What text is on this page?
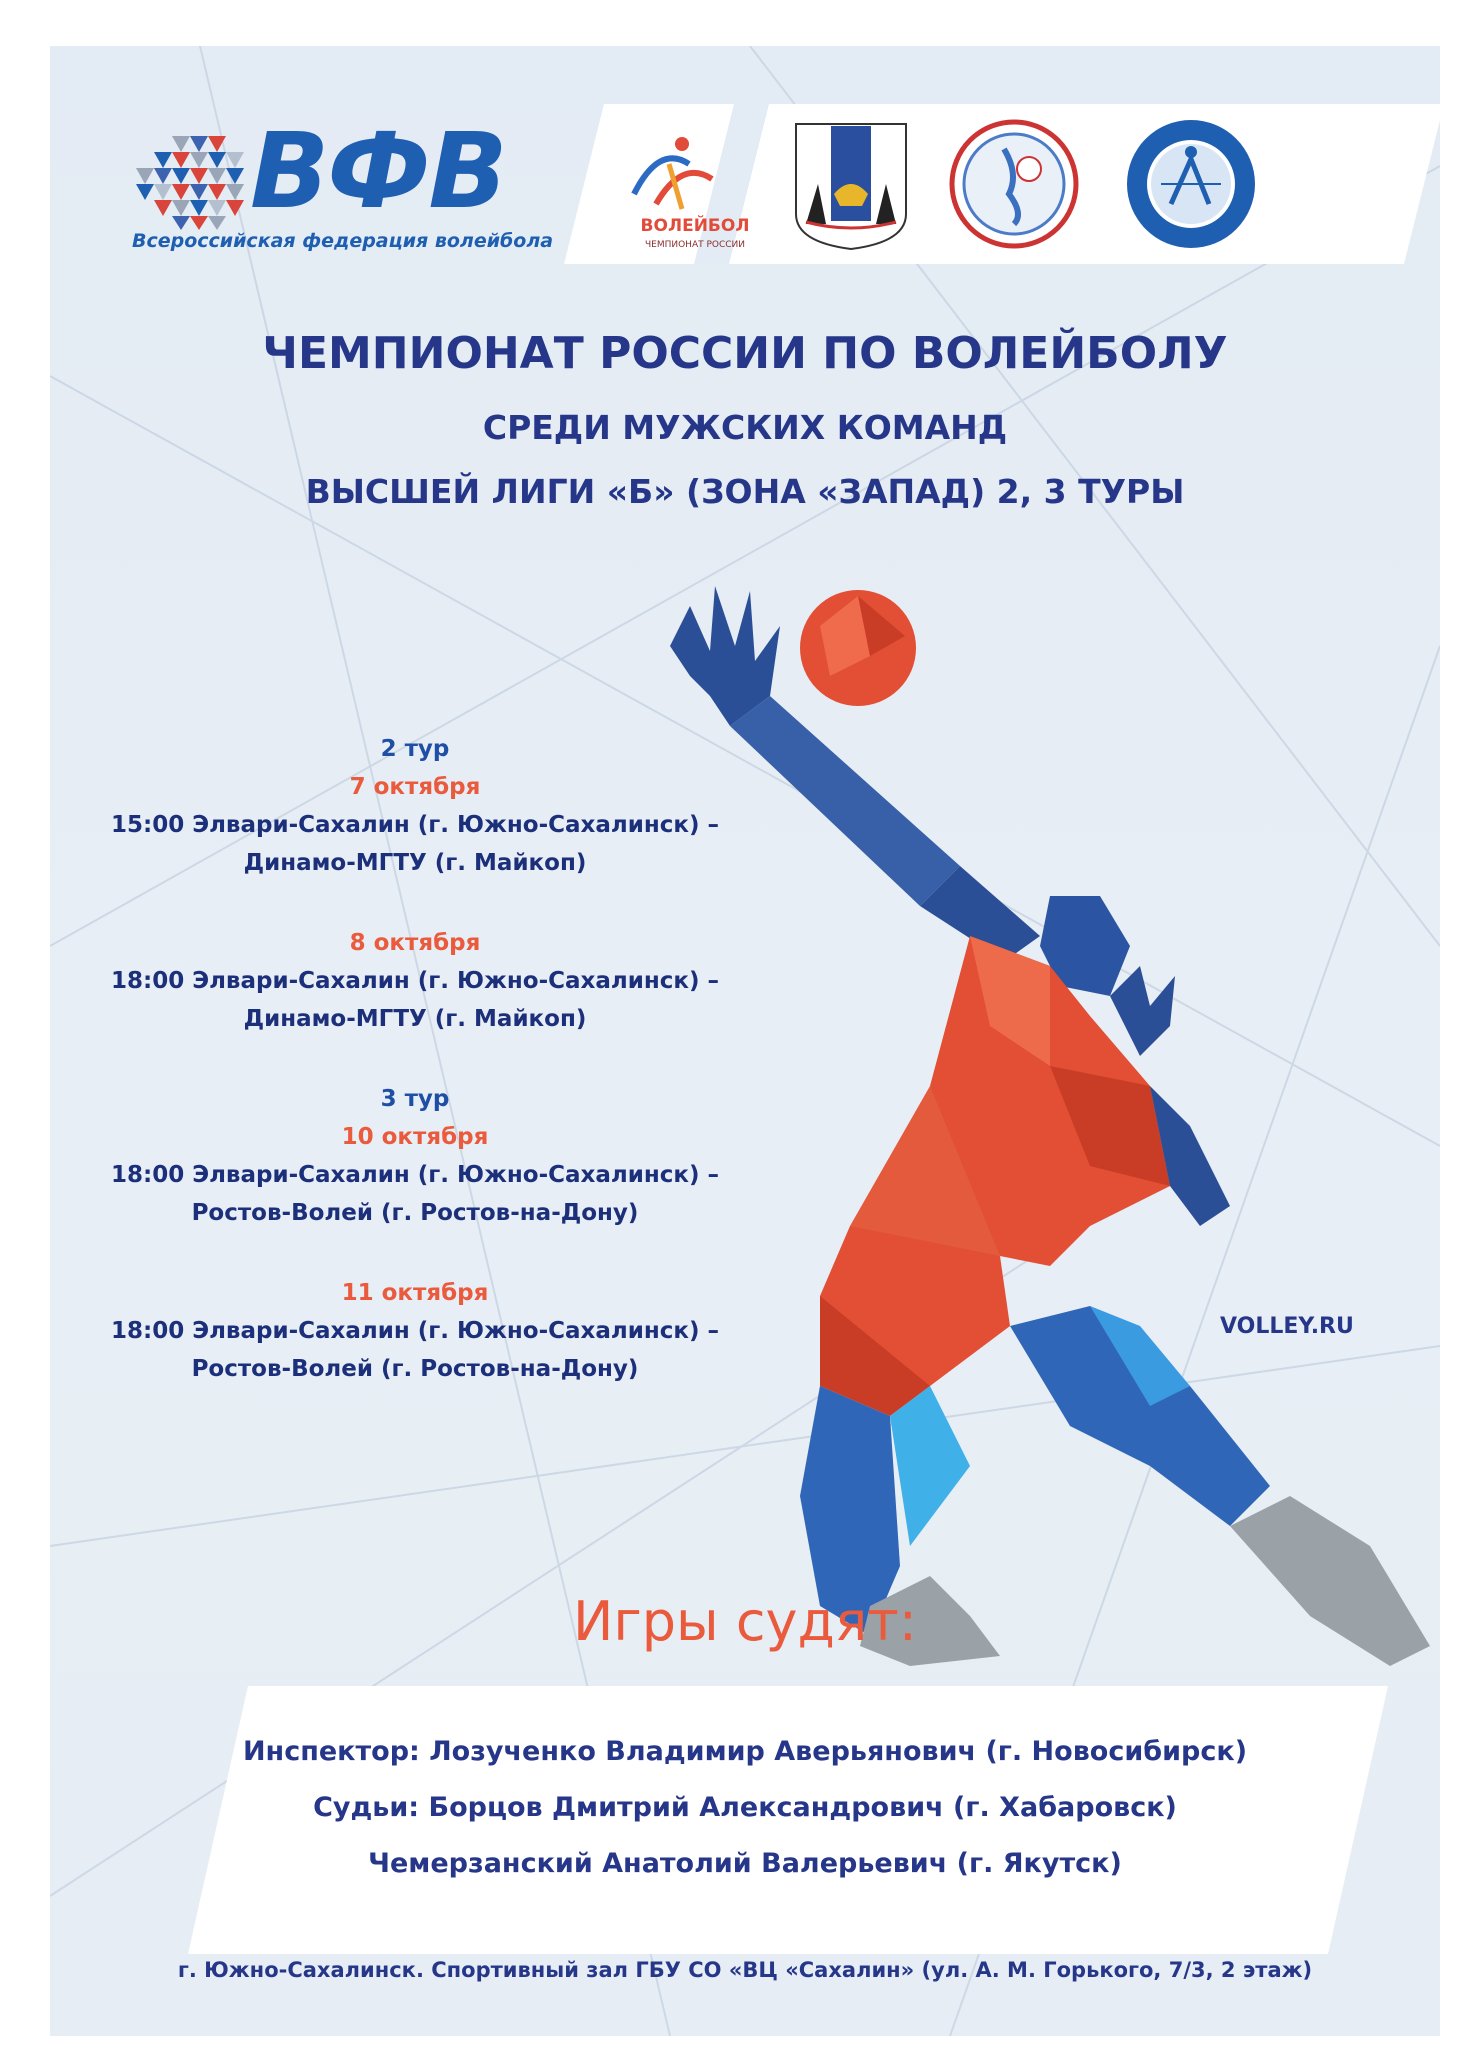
ВФВ
Всероссийская федерация волейбола
ВОЛЕЙБОЛ
ЧЕМПИОНАТ РОССИИ
ЧЕМПИОНАТ РОССИИ ПО ВОЛЕЙБОЛУ
СРЕДИ МУЖСКИХ КОМАНД
ВЫСШЕЙ ЛИГИ «Б» (ЗОНА «ЗАПАД) 2, 3 ТУРЫ
2 тур
7 октября
15:00 Элвари-Сахалин (г. Южно-Сахалинск) –
Динамо-МГТУ (г. Майкоп)
8 октября
18:00 Элвари-Сахалин (г. Южно-Сахалинск) –
Динамо-МГТУ (г. Майкоп)
3 тур
10 октября
18:00 Элвари-Сахалин (г. Южно-Сахалинск) –
Ростов-Волей (г. Ростов-на-Дону)
11 октября
18:00 Элвари-Сахалин (г. Южно-Сахалинск) –
Ростов-Волей (г. Ростов-на-Дону)
VOLLEY.RU
Игры судят:
Инспектор: Лозученко Владимир Аверьянович (г. Новосибирск)
Судьи: Борцов Дмитрий Александрович (г. Хабаровск)
Чемерзанский Анатолий Валерьевич (г. Якутск)
г. Южно-Сахалинск. Спортивный зал ГБУ СО «ВЦ «Сахалин» (ул. А. М. Горького, 7/3, 2 этаж)
